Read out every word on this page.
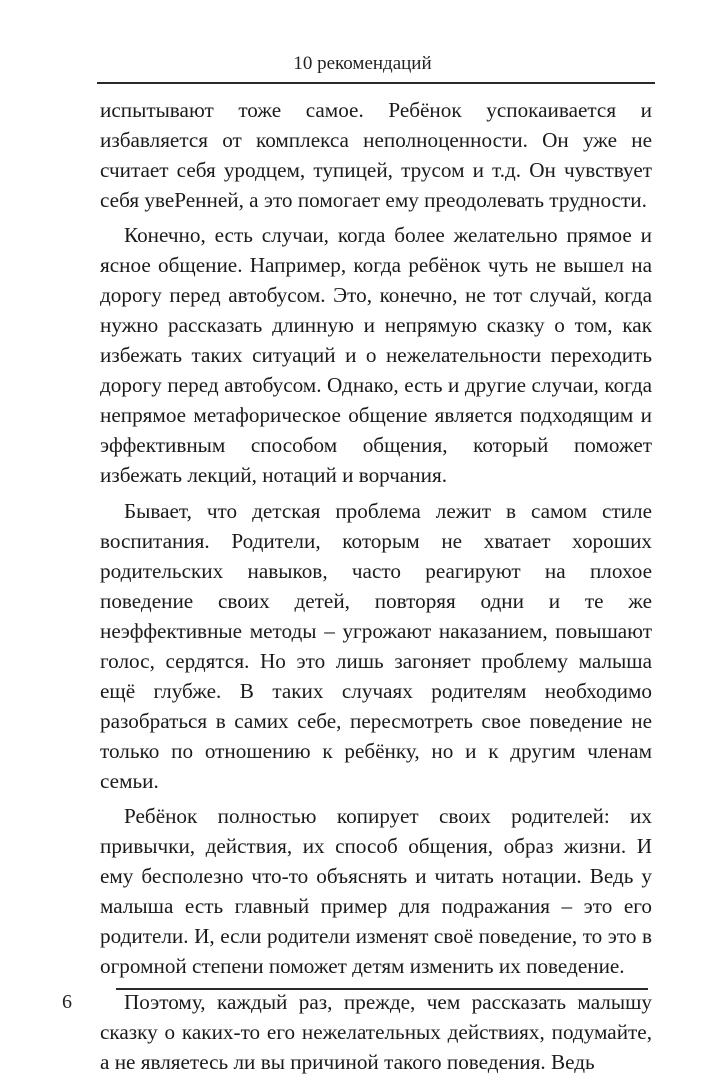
10 рекомендаций

испытывают тоже самое. Ребёнок успокаивается и избавляется от комплекса неполноценности. Он уже не считает себя уродцем, тупицей, трусом и т.д. Он чувствует себя увеРенней, а это помогает ему преодолевать трудности.

Конечно, есть случаи, когда более желательно прямое и ясное общение. Например, когда ребёнок чуть не вышел на дорогу перед автобусом. Это, конечно, не тот случай, когда нужно рассказать длинную и непрямую сказку о том, как избежать таких ситуаций и о нежелательности переходить дорогу перед автобусом. Однако, есть и другие случаи, когда непрямое метафорическое общение является подходящим и эффективным способом общения, который поможет избежать лекций, нотаций и ворчания.

Бывает, что детская проблема лежит в самом стиле воспитания. Родители, которым не хватает хороших родительских навыков, часто реагируют на плохое поведение своих детей, повторяя одни и те же неэффективные методы – угрожают наказанием, повышают голос, сердятся. Но это лишь загоняет проблему малыша ещё глубже. В таких случаях родителям необходимо разобраться в самих себе, пересмотреть свое поведение не только по отношению к ребёнку, но и к другим членам семьи.

Ребёнок полностью копирует своих родителей: их привычки, действия, их способ общения, образ жизни. И ему бесполезно что-то объяснять и читать нотации. Ведь у малыша есть главный пример для подражания – это его родители. И, если родители изменят своё поведение, то это в огромной степени поможет детям изменить их поведение.

Поэтому, каждый раз, прежде, чем рассказать малышу сказку о каких-то его нежелательных действиях, подумайте, а не являетесь ли вы причиной такого поведения. Ведь

6
